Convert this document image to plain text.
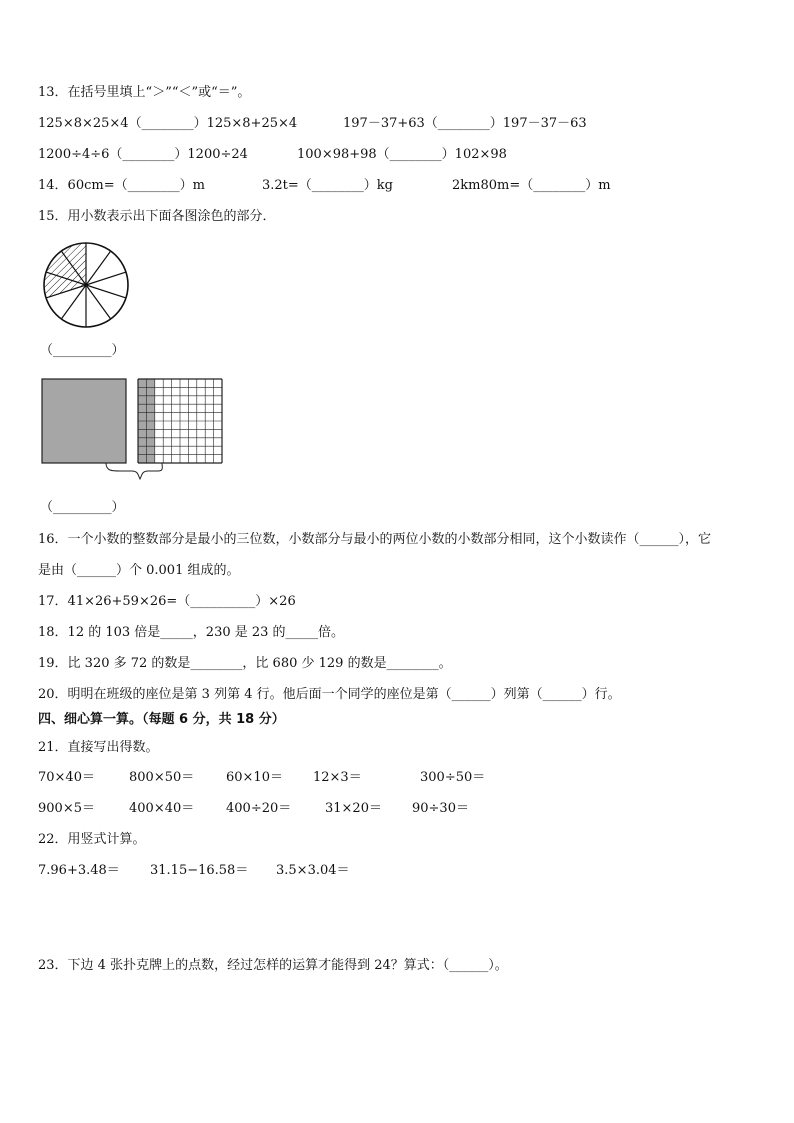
13．在括号里填上“＞”“＜”或“＝”。
125×8×25×4（________）125×8+25×4	197－37+63（________）197－37－63
1200÷4÷6（________）1200÷24	100×98+98（________）102×98
14．60cm=（________）m	3.2t=（________）kg	2km80m=（________）m
15．用小数表示出下面各图涂色的部分．
（_________）
（_________）
16．一个小数的整数部分是最小的三位数，小数部分与最小的两位小数的小数部分相同，这个小数读作（______），它
是由（______）个 0.001 组成的。
17．41×26+59×26=（__________）×26
18．12 的 103 倍是_____，230 是 23 的_____倍。
19．比 320 多 72 的数是________，比 680 少 129 的数是________。
20．明明在班级的座位是第 3 列第 4 行。他后面一个同学的座位是第（______）列第（______）行。
四、细心算一算。（每题 6 分，共 18 分）
21．直接写出得数。
70×40＝	800×50＝ 60×10＝ 12×3＝	300÷50＝
900×5＝	400×40＝ 400÷20＝	31×20＝ 90÷30＝
22．用竖式计算。
7.96+3.48＝ 31.15−16.58＝ 3.5×3.04＝
23．下边 4 张扑克牌上的点数，经过怎样的运算才能得到 24？算式：（______）。
